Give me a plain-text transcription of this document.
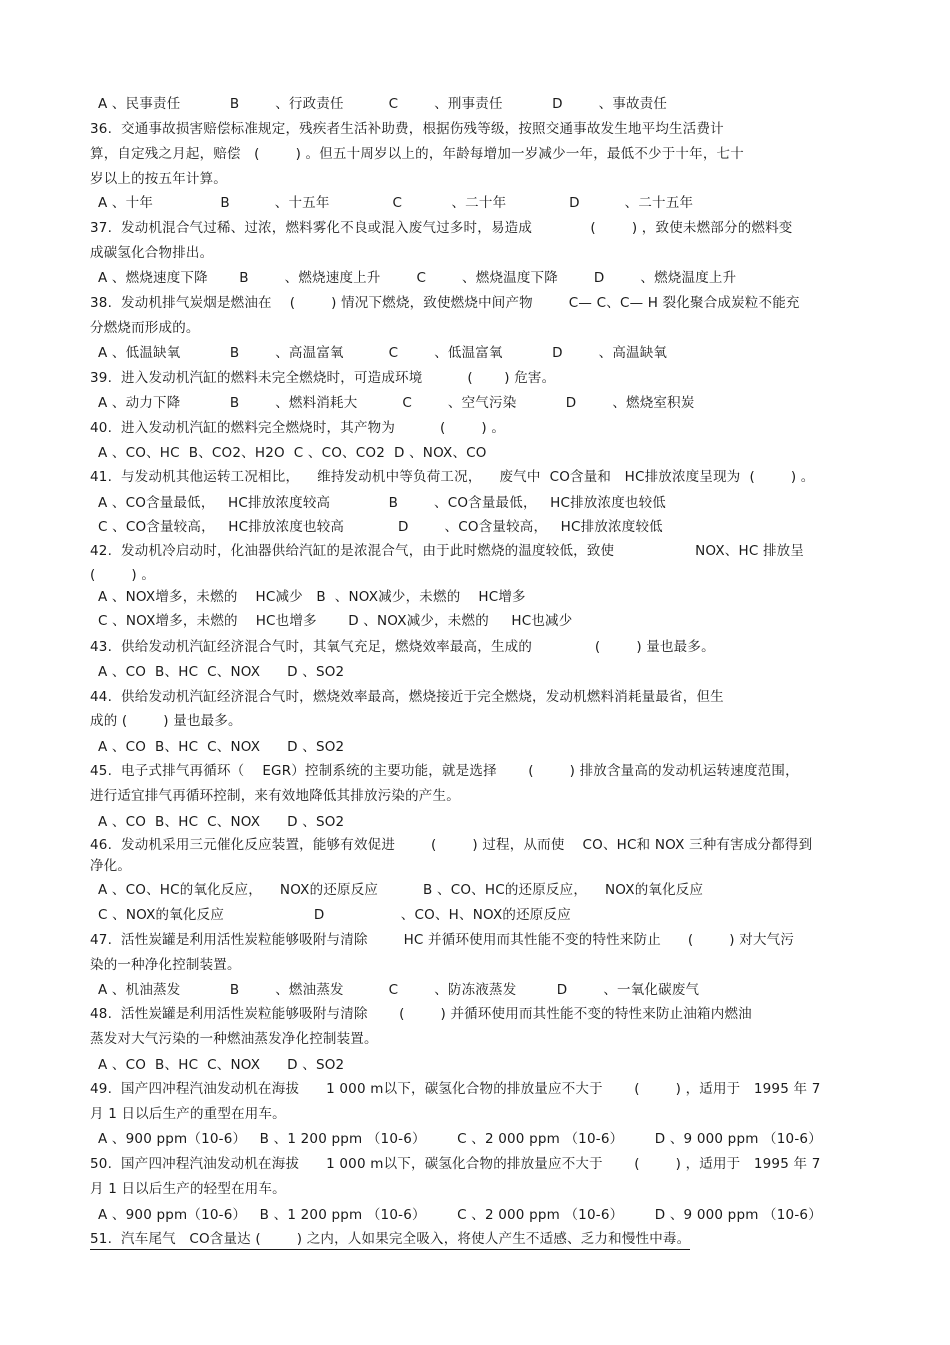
A 、民事责任           B        、行政责任          C        、刑事责任           D        、事故责任
36.  交通事故损害赔偿标准规定，残疾者生活补助费，根据伤残等级，按照交通事故发生地平均生活费计
算，自定残之月起，赔偿   (        ) 。但五十周岁以上的，年龄每增加一岁减少一年，最低不少于十年，七十
岁以上的按五年计算。
A 、十年               B          、十五年              C           、二十年              D          、二十五年
37.  发动机混合气过稀、过浓，燃料雾化不良或混入废气过多时，易造成             (        ) ，致使未燃部分的燃料变
成碳氢化合物排出。
A 、燃烧速度下降       B        、燃烧速度上升        C        、燃烧温度下降        D        、燃烧温度上升
38.  发动机排气炭烟是燃油在    (        ) 情况下燃烧，致使燃烧中间产物        C— C、C— H 裂化聚合成炭粒不能充
分燃烧而形成的。
A 、低温缺氧           B        、高温富氧          C        、低温富氧           D        、高温缺氧
39.  进入发动机汽缸的燃料未完全燃烧时，可造成环境          (       ) 危害。
A 、动力下降           B        、燃料消耗大          C        、空气污染           D        、燃烧室积炭
40.  进入发动机汽缸的燃料完全燃烧时，其产物为          (        ) 。
A 、CO、HC  B、CO2、H2O  C 、CO、CO2  D 、NOX、CO
41.  与发动机其他运转工况相比，    维持发动机中等负荷工况，    废气中  CO含量和   HC排放浓度呈现为  (        ) 。
A 、CO含量最低，   HC排放浓度较高             B        、CO含量最低，   HC排放浓度也较低
C 、CO含量较高，   HC排放浓度也较高            D        、CO含量较高，   HC排放浓度较低
42.  发动机冷启动时，化油器供给汽缸的是浓混合气，由于此时燃烧的温度较低，致使                  NOX、HC 排放呈
(        ) 。
A 、NOX增多，未燃的    HC减少   B  、NOX减少，未燃的    HC增多
C 、NOX增多，未燃的    HC也增多       D 、NOX减少，未燃的     HC也减少
43.  供给发动机汽缸经济混合气时，其氧气充足，燃烧效率最高，生成的              (        ) 量也最多。
A 、CO  B、HC  C、NOX      D 、SO2
44.  供给发动机汽缸经济混合气时，燃烧效率最高，燃烧接近于完全燃烧，发动机燃料消耗量最省，但生
成的 (        ) 量也最多。
A 、CO  B、HC  C、NOX      D 、SO2
45.  电子式排气再循环（    EGR）控制系统的主要功能，就是选择       (        ) 排放含量高的发动机运转速度范围，
进行适宜排气再循环控制，来有效地降低其排放污染的产生。
A 、CO  B、HC  C、NOX      D 、SO2
46.  发动机采用三元催化反应装置，能够有效促进        (        ) 过程，从而使    CO、HC和 NOX 三种有害成分都得到
净化。
A 、CO、HC的氧化反应，    NOX的还原反应          B 、CO、HC的还原反应，    NOX的氧化反应
C 、NOX的氧化反应                    D                 、CO、H、NOX的还原反应
47.  活性炭罐是利用活性炭粒能够吸附与清除        HC 并循环使用而其性能不变的特性来防止      (        ) 对大气污
染的一种净化控制装置。
A 、机油蒸发           B        、燃油蒸发          C        、防冻液蒸发         D        、一氧化碳废气
48.  活性炭罐是利用活性炭粒能够吸附与清除       (        ) 并循环使用而其性能不变的特性来防止油箱内燃油
蒸发对大气污染的一种燃油蒸发净化控制装置。
A 、CO  B、HC  C、NOX      D 、SO2
49.  国产四冲程汽油发动机在海拔      1 000 m以下，碳氢化合物的排放量应不大于       (        ) ，适用于   1995 年 7
月 1 日以后生产的重型在用车。
A 、900 ppm（10-6）   B 、1 200 ppm （10-6）       C 、2 000 ppm （10-6）       D 、9 000 ppm （10-6）
50.  国产四冲程汽油发动机在海拔      1 000 m以下，碳氢化合物的排放量应不大于       (        ) ，适用于   1995 年 7
月 1 日以后生产的轻型在用车。
A 、900 ppm（10-6）   B 、1 200 ppm （10-6）       C 、2 000 ppm （10-6）       D 、9 000 ppm （10-6）
51.  汽车尾气   CO含量达 (        ) 之内，人如果完全吸入，将使人产生不适感、乏力和慢性中毒。
